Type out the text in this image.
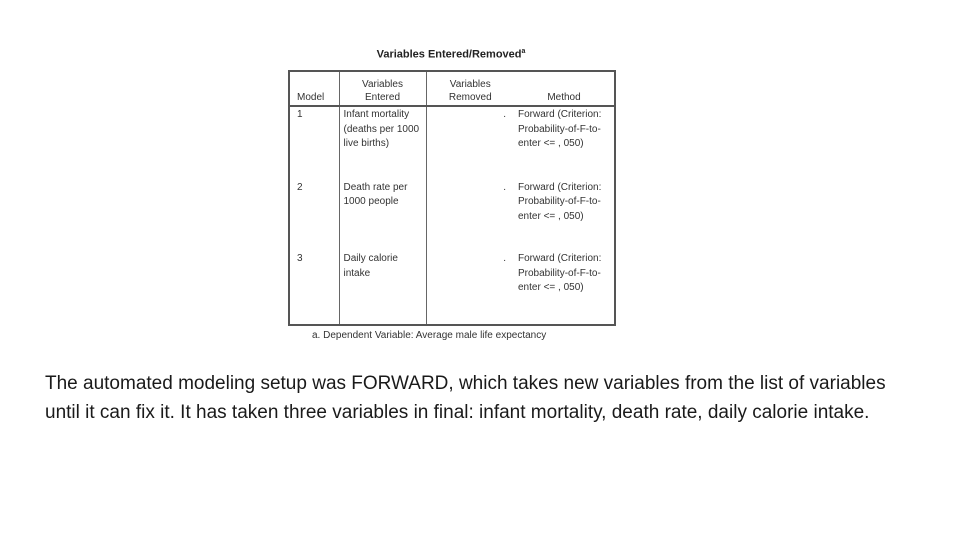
Variables Entered/Removed$^a$
Model	Variables Entered	Variables Removed	Method
1	Infant mortality (deaths per 1000 live births)	.	Forward (Criterion: Probability-of-F-to-enter <= , 050)
2	Death rate per 1000 people	.	Forward (Criterion: Probability-of-F-to-enter <= , 050)
3	Daily calorie intake	.	Forward (Criterion: Probability-of-F-to-enter <= , 050)
a. Dependent Variable: Average male life expectancy
The automated modeling setup was FORWARD, which takes new variables from the list of variables until it can fix it. It has taken three variables in final: infant mortality, death rate, daily calorie intake.
